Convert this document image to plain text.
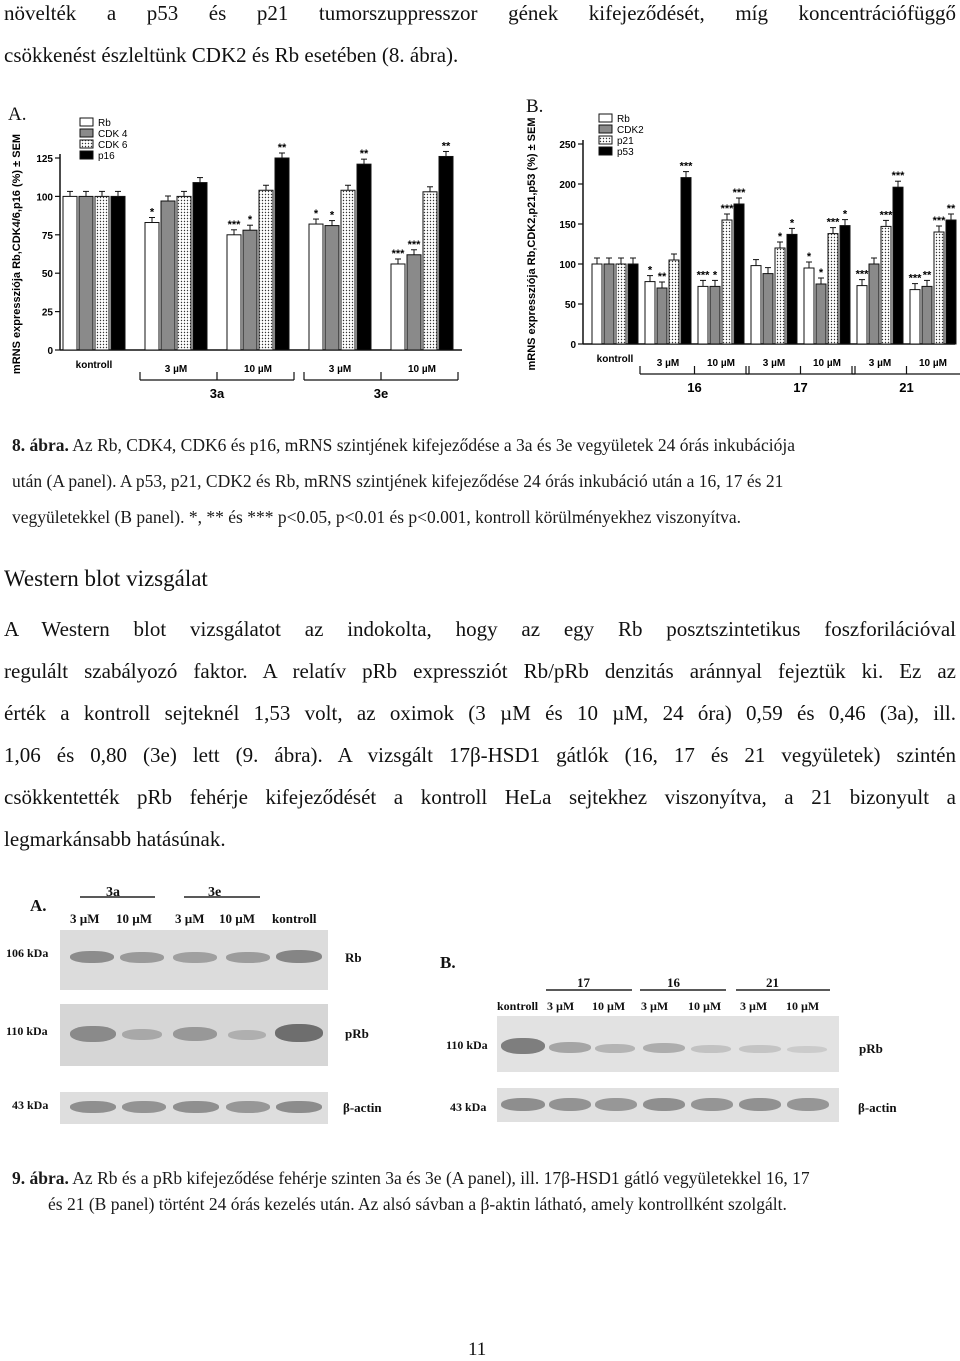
növelték a p53 és p21 tumorszuppresszor gének kifejeződését, míg koncentrációfüggő
csökkenést észleltünk CDK2 és Rb esetében (8. ábra).
A.	B.
mRNS expressziója Rb,CDK4/6,p16 (%) ± SEM 0
25
50
75
100
125
Rb
CDK 4
CDK 6
p16
kontroll
*
3 µM
*** *
**
10 µM
* *
**
3 µM
***
***
**
10 µM
3a	3e
mRNS expressziója Rb,CDK2,p21,p53 (%) ± SEM	0
50
100
150
200
250
Rb
CDK2
p21
p53
kontroll
*
**
***
3 µM
*** *
***
***
10 µM
*
*
3 µM
*
*
***
*
10 µM
***
***
***
3 µM
*** **
***
**
10 µM
16	17	21
8. ábra. Az Rb, CDK4, CDK6 és p16, mRNS szintjének kifejeződése a 3a és 3e vegyületek 24 órás inkubációja
után (A panel). A p53, p21, CDK2 és Rb, mRNS szintjének kifejeződése 24 órás inkubáció után a 16, 17 és 21
vegyületekkel (B panel). *, ** és *** p<0.05, p<0.01 és p<0.001, kontroll körülményekhez viszonyítva.
Western blot vizsgálat
A Western blot vizsgálatot az indokolta, hogy az egy Rb posztszintetikus foszforilációval
regulált szabályozó faktor. A relatív pRb expressziót Rb/pRb denzitás aránnyal fejeztük ki. Ez az
érték a kontroll sejteknél 1,53 volt, az oximok (3 µM és 10 µM, 24 óra) 0,59 és 0,46 (3a), ill.
1,06 és 0,80 (3e) lett (9. ábra). A vizsgált 17β-HSD1 gátlók (16, 17 és 21 vegyületek) szintén
csökkentették pRb fehérje kifejeződését a kontroll HeLa sejtekhez viszonyítva, a 21 bizonyult a
legmarkánsabb hatásúnak.
A.
3a	3e
3 µM 10 µM 3 µM 10 µM kontroll
106 kDa
110 kDa
43 kDa
Rb
pRb
β-actin
B.
17	16	21
kontroll 3 µM 10 µM 3 µM 10 µM 3 µM 10 µM
110 kDa
43 kDa
pRb
β-actin
9. ábra. Az Rb és a pRb kifejeződése fehérje szinten 3a és 3e (A panel), ill. 17β-HSD1 gátló vegyületekkel 16, 17
és 21 (B panel) történt 24 órás kezelés után. Az alsó sávban a β-aktin látható, amely kontrollként szolgált.
11
